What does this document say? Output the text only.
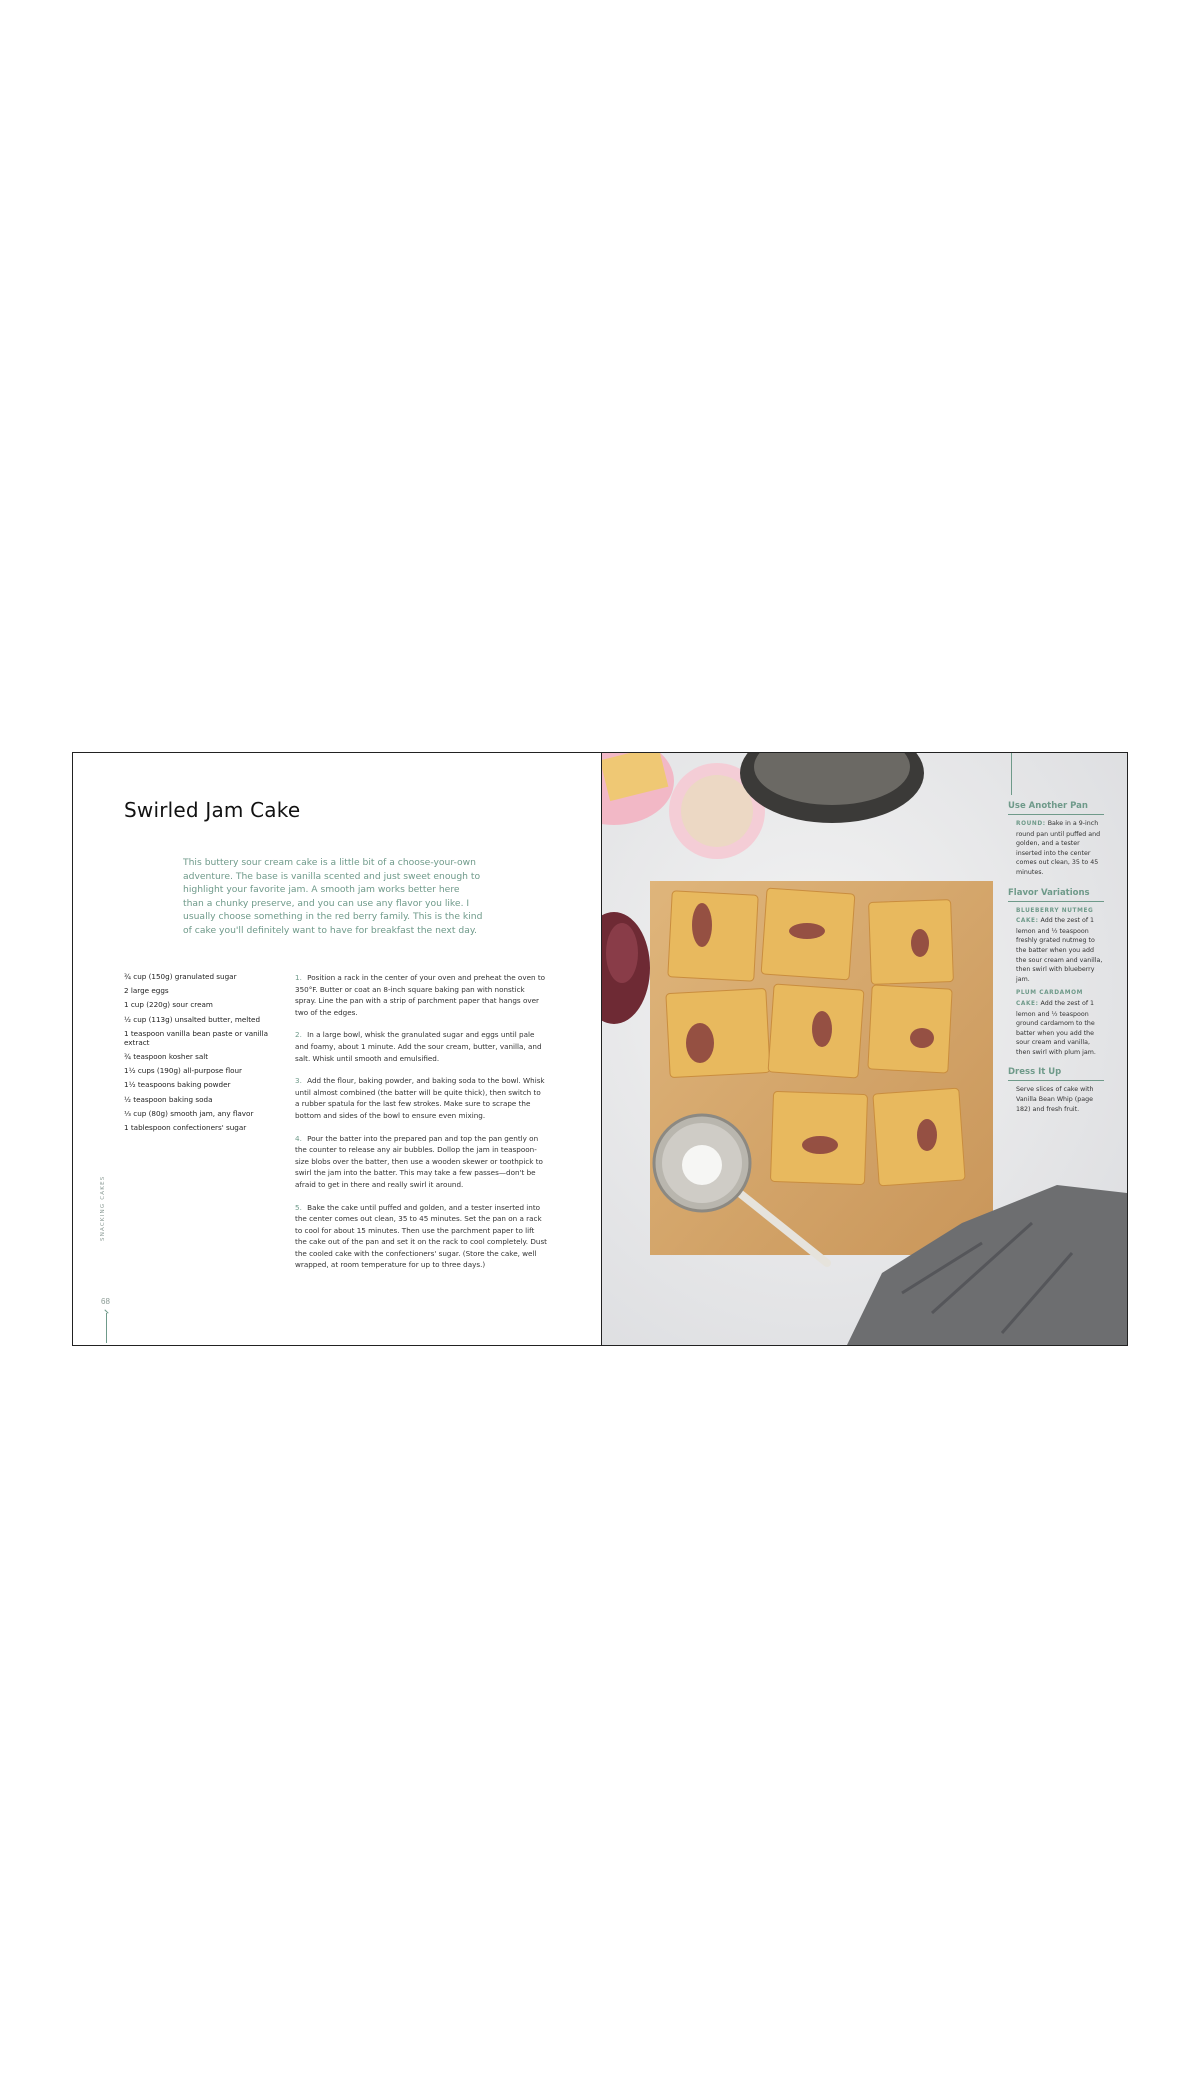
Swirled Jam Cake
This buttery sour cream cake is a little bit of a choose-your-own adventure. The base is vanilla scented and just sweet enough to highlight your favorite jam. A smooth jam works better here than a chunky preserve, and you can use any flavor you like. I usually choose something in the red berry family. This is the kind of cake you'll definitely want to have for breakfast the next day.
¾ cup (150g) granulated sugar
2 large eggs
1 cup (220g) sour cream
½ cup (113g) unsalted butter, melted
1 teaspoon vanilla bean paste or vanilla extract
¾ teaspoon kosher salt
1½ cups (190g) all-purpose flour
1½ teaspoons baking powder
½ teaspoon baking soda
⅓ cup (80g) smooth jam, any flavor
1 tablespoon confectioners' sugar
1. Position a rack in the center of your oven and preheat the oven to 350°F. Butter or coat an 8-inch square baking pan with nonstick spray. Line the pan with a strip of parchment paper that hangs over two of the edges.
2. In a large bowl, whisk the granulated sugar and eggs until pale and foamy, about 1 minute. Add the sour cream, butter, vanilla, and salt. Whisk until smooth and emulsified.
3. Add the flour, baking powder, and baking soda to the bowl. Whisk until almost combined (the batter will be quite thick), then switch to a rubber spatula for the last few strokes. Make sure to scrape the bottom and sides of the bowl to ensure even mixing.
4. Pour the batter into the prepared pan and top the pan gently on the counter to release any air bubbles. Dollop the jam in teaspoon-size blobs over the batter, then use a wooden skewer or toothpick to swirl the jam into the batter. This may take a few passes—don't be afraid to get in there and really swirl it around.
5. Bake the cake until puffed and golden, and a tester inserted into the center comes out clean, 35 to 45 minutes. Set the pan on a rack to cool for about 15 minutes. Then use the parchment paper to lift the cake out of the pan and set it on the rack to cool completely. Dust the cooled cake with the confectioners' sugar. (Store the cake, well wrapped, at room temperature for up to three days.)
SNACKING CAKES
68
Use Another Pan

ROUND: Bake in a 9-inch round pan until puffed and golden, and a tester inserted into the center comes out clean, 35 to 45 minutes.

Flavor Variations

BLUEBERRY NUTMEG CAKE: Add the zest of 1 lemon and ½ teaspoon freshly grated nutmeg to the batter when you add the sour cream and vanilla, then swirl with blueberry jam.

PLUM CARDAMOM CAKE: Add the zest of 1 lemon and ½ teaspoon ground cardamom to the batter when you add the sour cream and vanilla, then swirl with plum jam.

Dress It Up

Serve slices of cake with Vanilla Bean Whip (page 182) and fresh fruit.
